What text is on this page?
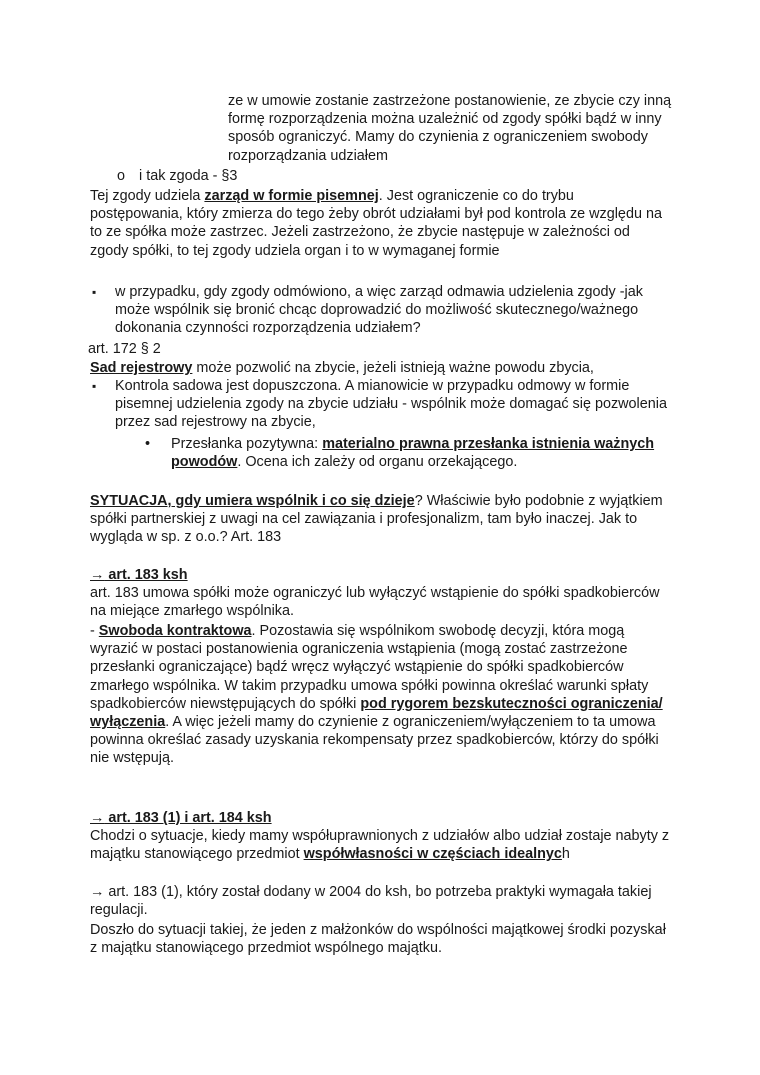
ze w umowie zostanie zastrzeżone postanowienie, ze zbycie czy inną formę rozporządzenia można uzależnić od zgody spółki bądź w inny sposób ograniczyć. Mamy do czynienia z ograniczeniem swobody rozporządzania udziałem

o i tak zgoda - §3

Tej zgody udziela zarząd w formie pisemnej. Jest ograniczenie co do trybu postępowania, który zmierza do tego żeby obrót udziałami był pod kontrola ze względu na to ze spółka może zastrzec. Jeżeli zastrzeżono, że zbycie następuje w zależności od zgody spółki, to tej zgody udziela organ i to w wymaganej formie

▪ w przypadku, gdy zgody odmówiono, a więc zarząd odmawia udzielenia zgody -jak może wspólnik się bronić chcąc doprowadzić do możliwość skutecznego/ważnego dokonania czynności rozporządzenia udziałem?

art. 172 § 2

Sad rejestrowy może pozwolić na zbycie, jeżeli istnieją ważne powodu zbycia,

▪ Kontrola sadowa jest dopuszczona. A mianowicie w przypadku odmowy w formie pisemnej udzielenia zgody na zbycie udziału - wspólnik może domagać się pozwolenia przez sad rejestrowy na zbycie,

• Przesłanka pozytywna: materialno prawna przesłanka istnienia ważnych powodów. Ocena ich zależy od organu orzekającego.

SYTUACJA, gdy umiera wspólnik i co się dzieje? Właściwie było podobnie z wyjątkiem spółki partnerskiej z uwagi na cel zawiązania i profesjonalizm, tam było inaczej. Jak to wygląda w sp. z o.o.? Art. 183

→ art. 183 ksh

art. 183 umowa spółki może ograniczyć lub wyłączyć wstąpienie do spółki spadkobierców na miejące zmarłego wspólnika.

- Swoboda kontraktowa. Pozostawia się wspólnikom swobodę decyzji, która mogą wyrazić w postaci postanowienia ograniczenia wstąpienia (mogą zostać zastrzeżone przesłanki ograniczające) bądź wręcz wyłączyć wstąpienie do spółki spadkobierców zmarłego wspólnika. W takim przypadku umowa spółki powinna określać warunki spłaty spadkobierców niewstępujących do spółki pod rygorem bezskuteczności ograniczenia/ wyłączenia. A więc jeżeli mamy do czynienie z ograniczeniem/wyłączeniem to ta umowa powinna określać zasady uzyskania rekompensaty przez spadkobierców, którzy do spółki nie wstępują.

→ art. 183 (1) i art. 184 ksh

Chodzi o sytuacje, kiedy mamy współuprawnionych z udziałów albo udział zostaje nabyty z majątku stanowiącego przedmiot współwłasności w częściach idealnych

→ art. 183 (1), który został dodany w 2004 do ksh, bo potrzeba praktyki wymagała takiej regulacji.

Doszło do sytuacji takiej, że jeden z małżonków do wspólności majątkowej środki pozyskał z majątku stanowiącego przedmiot wspólnego majątku.
